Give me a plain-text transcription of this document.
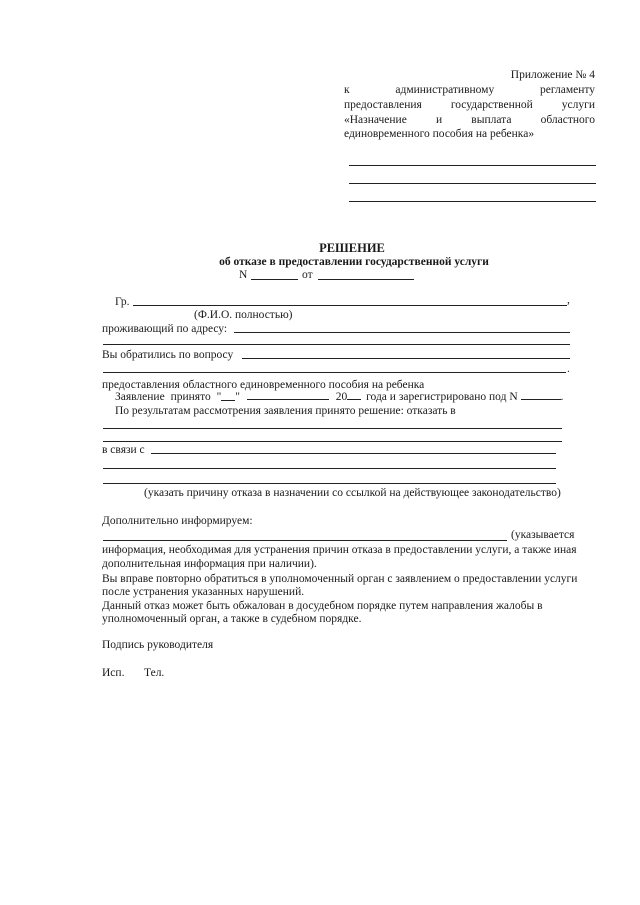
Приложение № 4
к административному регламенту
предоставления государственной услуги
«Назначение и выплата областного
единовременного пособия на ребенка»
РЕШЕНИЕ
об отказе в предоставлении государственной услуги
N	от
Гр.	,
(Ф.И.О. полностью)
проживающий по адресу:
Вы обратились по вопросу
.
предоставления областного единовременного пособия на ребенка
Заявление принято " "	20 года и зарегистрировано под N	.
По результатам рассмотрения заявления принято решение: отказать в
в связи с
(указать причину отказа в назначении со ссылкой на действующее законодательство)
Дополнительно информируем:
(указывается
информация, необходимая для устранения причин отказа в предоставлении услуги, а также иная
дополнительная информация при наличии).
Вы вправе повторно обратиться в уполномоченный орган с заявлением о предоставлении услуги
после устранения указанных нарушений.
Данный отказ может быть обжалован в досудебном порядке путем направления жалобы в
уполномоченный орган, а также в судебном порядке.
Подпись руководителя
Исп. Тел.
